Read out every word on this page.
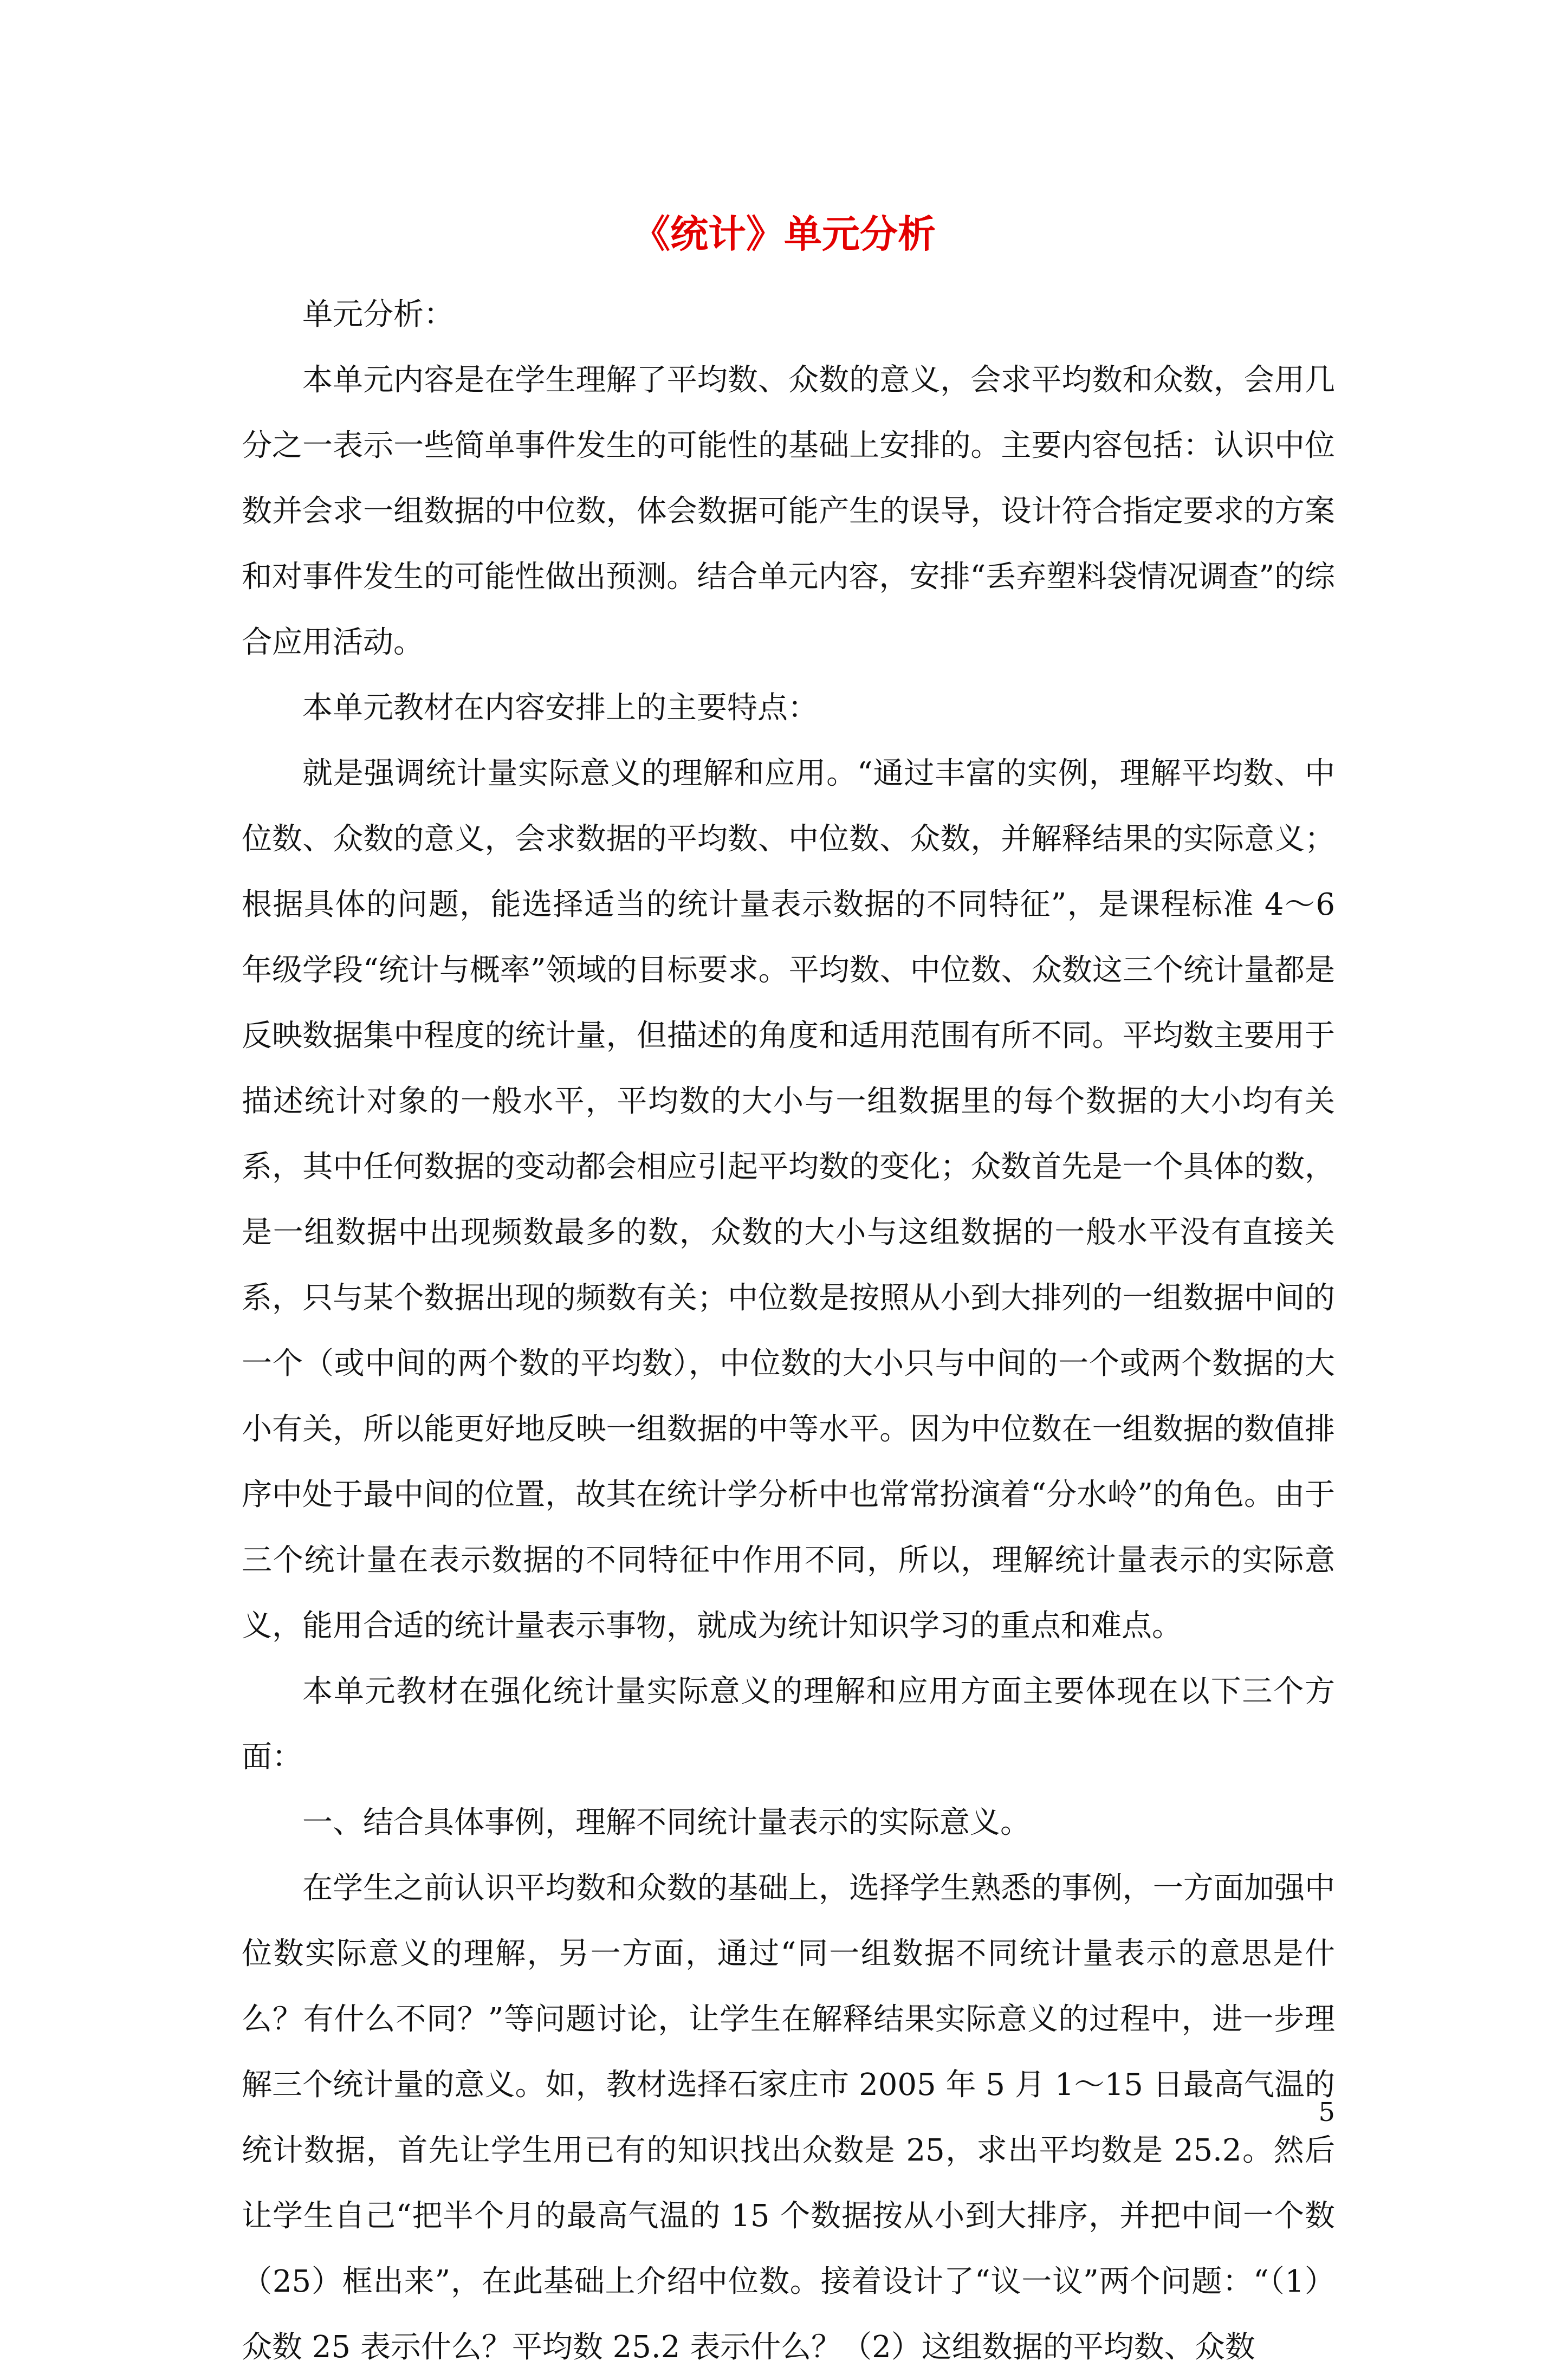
《统计》单元分析

单元分析：

本单元内容是在学生理解了平均数、众数的意义，会求平均数和众数，会用几分之一表示一些简单事件发生的可能性的基础上安排的。主要内容包括：认识中位数并会求一组数据的中位数，体会数据可能产生的误导，设计符合指定要求的方案和对事件发生的可能性做出预测。结合单元内容，安排“丢弃塑料袋情况调查”的综合应用活动。

本单元教材在内容安排上的主要特点：

就是强调统计量实际意义的理解和应用。“通过丰富的实例，理解平均数、中位数、众数的意义，会求数据的平均数、中位数、众数，并解释结果的实际意义；根据具体的问题，能选择适当的统计量表示数据的不同特征”，是课程标准 4～6 年级学段“统计与概率”领域的目标要求。平均数、中位数、众数这三个统计量都是反映数据集中程度的统计量，但描述的角度和适用范围有所不同。平均数主要用于描述统计对象的一般水平，平均数的大小与一组数据里的每个数据的大小均有关系，其中任何数据的变动都会相应引起平均数的变化；众数首先是一个具体的数，是一组数据中出现频数最多的数，众数的大小与这组数据的一般水平没有直接关系，只与某个数据出现的频数有关；中位数是按照从小到大排列的一组数据中间的一个（或中间的两个数的平均数），中位数的大小只与中间的一个或两个数据的大小有关，所以能更好地反映一组数据的中等水平。因为中位数在一组数据的数值排序中处于最中间的位置，故其在统计学分析中也常常扮演着“分水岭”的角色。由于三个统计量在表示数据的不同特征中作用不同，所以，理解统计量表示的实际意义，能用合适的统计量表示事物，就成为统计知识学习的重点和难点。

本单元教材在强化统计量实际意义的理解和应用方面主要体现在以下三个方面：

一、结合具体事例，理解不同统计量表示的实际意义。

在学生之前认识平均数和众数的基础上，选择学生熟悉的事例，一方面加强中位数实际意义的理解，另一方面，通过“同一组数据不同统计量表示的意思是什么？有什么不同？”等问题讨论，让学生在解释结果实际意义的过程中，进一步理解三个统计量的意义。如，教材选择石家庄市 2005 年 5 月 1～15 日最高气温的统计数据，首先让学生用已有的知识找出众数是 25，求出平均数是 25.2。然后让学生自己“把半个月的最高气温的 15 个数据按从小到大排序，并把中间一个数（25）框出来”，在此基础上介绍中位数。接着设计了“议一议”两个问题：“（1）众数 25 表示什么？平均数 25.2 表示什么？（2）这组数据的平均数、众数

5
